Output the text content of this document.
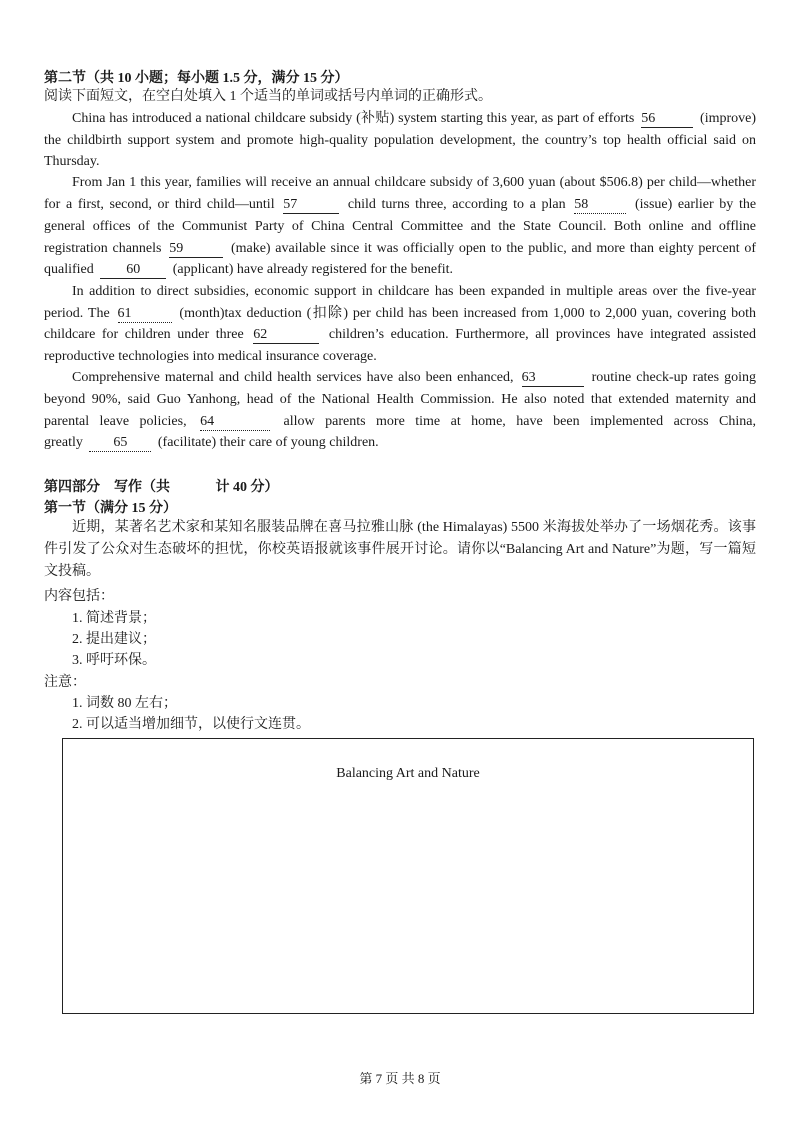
第二节（共 10 小题；每小题 1.5 分，满分 15 分）
阅读下面短文，在空白处填入 1 个适当的单词或括号内单词的正确形式。
China has introduced a national childcare subsidy (补贴) system starting this year, as part of efforts 56	(improve)
the childbirth support system and promote high-quality population development, the country’s top health official said on
Thursday.
From Jan 1 this year, families will receive an annual childcare subsidy of 3,600 yuan (about $506.8) per child—whether
for a first, second, or third child—until 57	child turns three, according to a plan 58	(issue) earlier by the
general offices of the Communist Party of China Central Committee and the State Council. Both online and offline
registration channels 59	(make) available since it was officially open to the public, and more than eighty percent of
qualified 60 (applicant) have already registered for the benefit.
In addition to direct subsidies, economic support in childcare has been expanded in multiple areas over the five-year
period. The 61	(month)tax deduction (扣除) per child has been increased from 1,000 to 2,000 yuan, covering both
childcare for children under three 62	children’s education. Furthermore, all provinces have integrated assisted
reproductive technologies into medical insurance coverage.
Comprehensive maternal and child health services have also been enhanced, 63	routine check-up rates going
beyond 90%, said Guo Yanhong, head of the National Health Commission. He also noted that extended maternity and
parental leave policies, 64	allow parents more time at home, have been implemented across China,
greatly 65 (facilitate) their care of young children.
第四部分　写作（共	计 40 分）
第一节（满分 15 分）
近期，某著名艺术家和某知名服装品牌在喜马拉雅山脉 (the Himalayas) 5500 米海拔处举办了一场烟花秀。该事
件引发了公众对生态破坏的担忧，你校英语报就该事件展开讨论。请你以“Balancing Art and Nature”为题，写一篇短
文投稿。
内容包括：
1. 简述背景；
2. 提出建议；
3. 呼吁环保。
注意：
1. 词数 80 左右；
2. 可以适当增加细节，以使行文连贯。
Balancing Art and Nature
第 7 页 共 8 页
